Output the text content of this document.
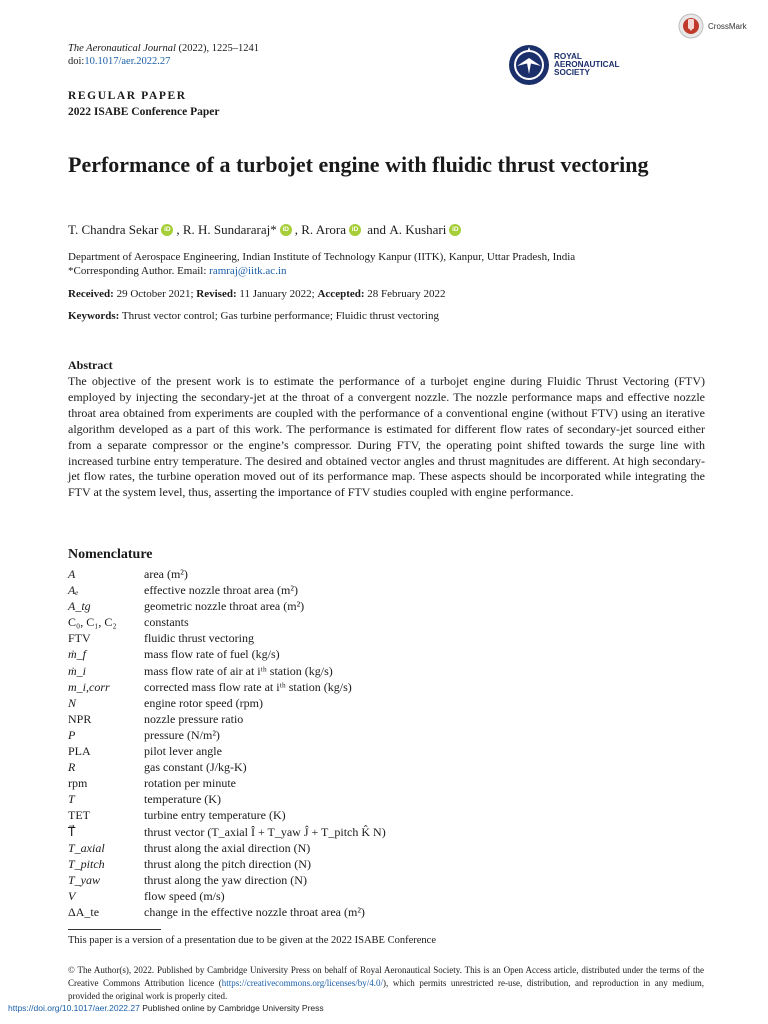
The Aeronautical Journal (2022), 1225–1241
doi:10.1017/aer.2022.27
CrossMark
ROYAL
AERONAUTICAL
SOCIETY
REGULAR PAPER
2022 ISABE Conference Paper
Performance of a turbojet engine with fluidic thrust vectoring
T. Chandra Sekar iD , R. H. Sundararaj* iD , R. Arora iD and A. Kushari iD
Department of Aerospace Engineering, Indian Institute of Technology Kanpur (IITK), Kanpur, Uttar Pradesh, India
*Corresponding Author. Email: ramraj@iitk.ac.in
Received: 29 October 2021; Revised: 11 January 2022; Accepted: 28 February 2022
Keywords: Thrust vector control; Gas turbine performance; Fluidic thrust vectoring
Abstract
The objective of the present work is to estimate the performance of a turbojet engine during Fluidic Thrust Vectoring (FTV) employed by injecting the secondary-jet at the throat of a convergent nozzle. The nozzle performance maps and effective nozzle throat area obtained from experiments are coupled with the performance of a conventional engine (without FTV) using an iterative algorithm developed as a part of this work. The performance is estimated for different flow rates of secondary-jet sourced either from a separate compressor or the engine’s compressor. During FTV, the operating point shifted towards the surge line with increased turbine entry temperature. The desired and obtained vector angles and thrust magnitudes are different. At high secondary-jet flow rates, the turbine operation moved out of its performance map. These aspects should be incorporated while integrating the FTV at the system level, thus, asserting the importance of FTV studies coupled with engine performance.
Nomenclature
A	area (m²)
Aₑ	effective nozzle throat area (m²)
A_tg	geometric nozzle throat area (m²)
C₀, C₁, C₂	constants
FTV	fluidic thrust vectoring
ṁ_f	mass flow rate of fuel (kg/s)
ṁ_i	mass flow rate of air at iᵗʰ station (kg/s)
m_i,corr	corrected mass flow rate at iᵗʰ station (kg/s)
N	engine rotor speed (rpm)
NPR	nozzle pressure ratio
P	pressure (N/m²)
PLA	pilot lever angle
R	gas constant (J/kg-K)
rpm	rotation per minute
T	temperature (K)
TET	turbine entry temperature (K)
T⃗	thrust vector (T_axial Î + T_yaw Ĵ + T_pitch K̂ N)
T_axial	thrust along the axial direction (N)
T_pitch	thrust along the pitch direction (N)
T_yaw	thrust along the yaw direction (N)
V	flow speed (m/s)
ΔA_te	change in the effective nozzle throat area (m²)
This paper is a version of a presentation due to be given at the 2022 ISABE Conference
© The Author(s), 2022. Published by Cambridge University Press on behalf of Royal Aeronautical Society. This is an Open Access article, distributed under the terms of the Creative Commons Attribution licence (https://creativecommons.org/licenses/by/4.0/), which permits unrestricted re-use, distribution, and reproduction in any medium, provided the original work is properly cited.
https://doi.org/10.1017/aer.2022.27 Published online by Cambridge University Press
